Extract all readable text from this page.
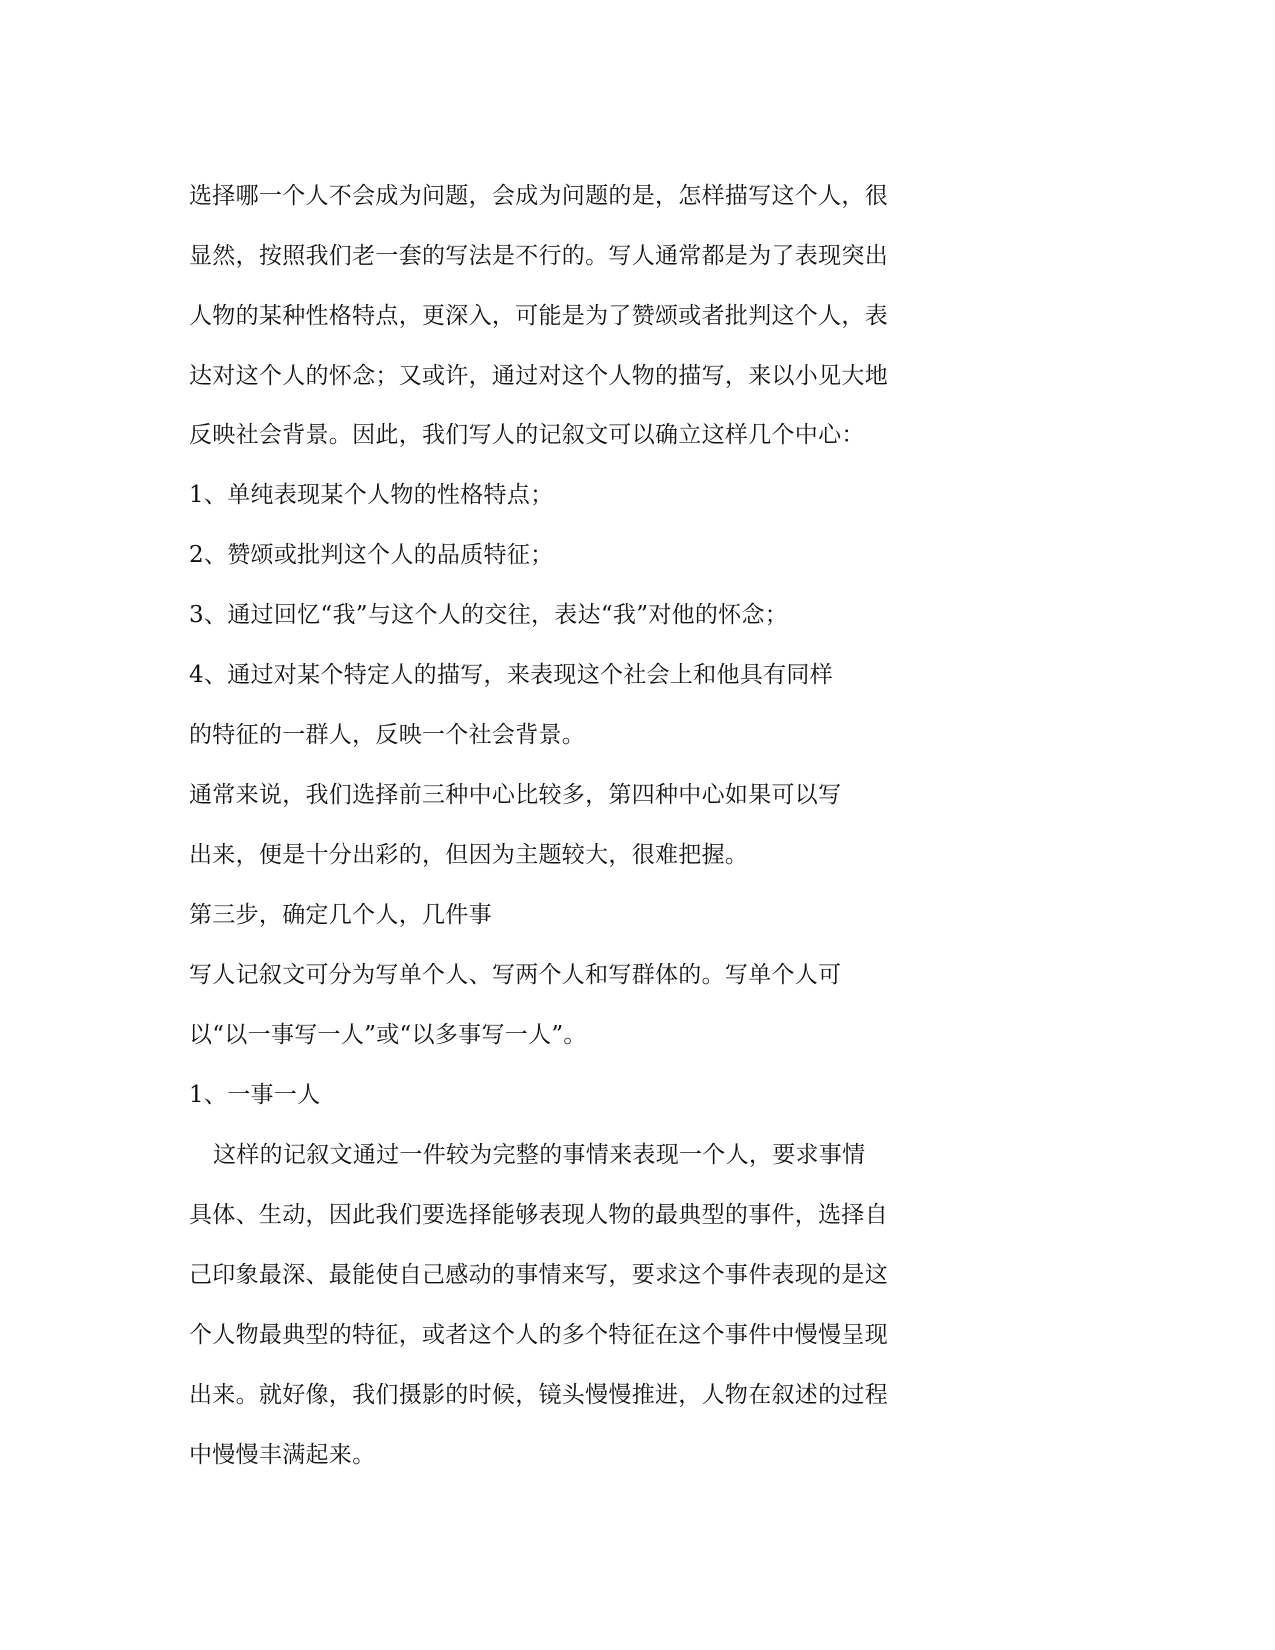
选择哪一个人不会成为问题，会成为问题的是，怎样描写这个人，很
显然，按照我们老一套的写法是不行的。写人通常都是为了表现突出
人物的某种性格特点，更深入，可能是为了赞颂或者批判这个人，表
达对这个人的怀念；又或许，通过对这个人物的描写，来以小见大地
反映社会背景。因此，我们写人的记叙文可以确立这样几个中心：
1、单纯表现某个人物的性格特点；
2、赞颂或批判这个人的品质特征；
3、通过回忆“我”与这个人的交往，表达“我”对他的怀念；
4、通过对某个特定人的描写，来表现这个社会上和他具有同样
的特征的一群人，反映一个社会背景。
通常来说，我们选择前三种中心比较多，第四种中心如果可以写
出来，便是十分出彩的，但因为主题较大，很难把握。
第三步，确定几个人，几件事
写人记叙文可分为写单个人、写两个人和写群体的。写单个人可
以“以一事写一人”或“以多事写一人”。
1、一事一人
这样的记叙文通过一件较为完整的事情来表现一个人，要求事情
具体、生动，因此我们要选择能够表现人物的最典型的事件，选择自
己印象最深、最能使自己感动的事情来写，要求这个事件表现的是这
个人物最典型的特征，或者这个人的多个特征在这个事件中慢慢呈现
出来。就好像，我们摄影的时候，镜头慢慢推进，人物在叙述的过程
中慢慢丰满起来。
